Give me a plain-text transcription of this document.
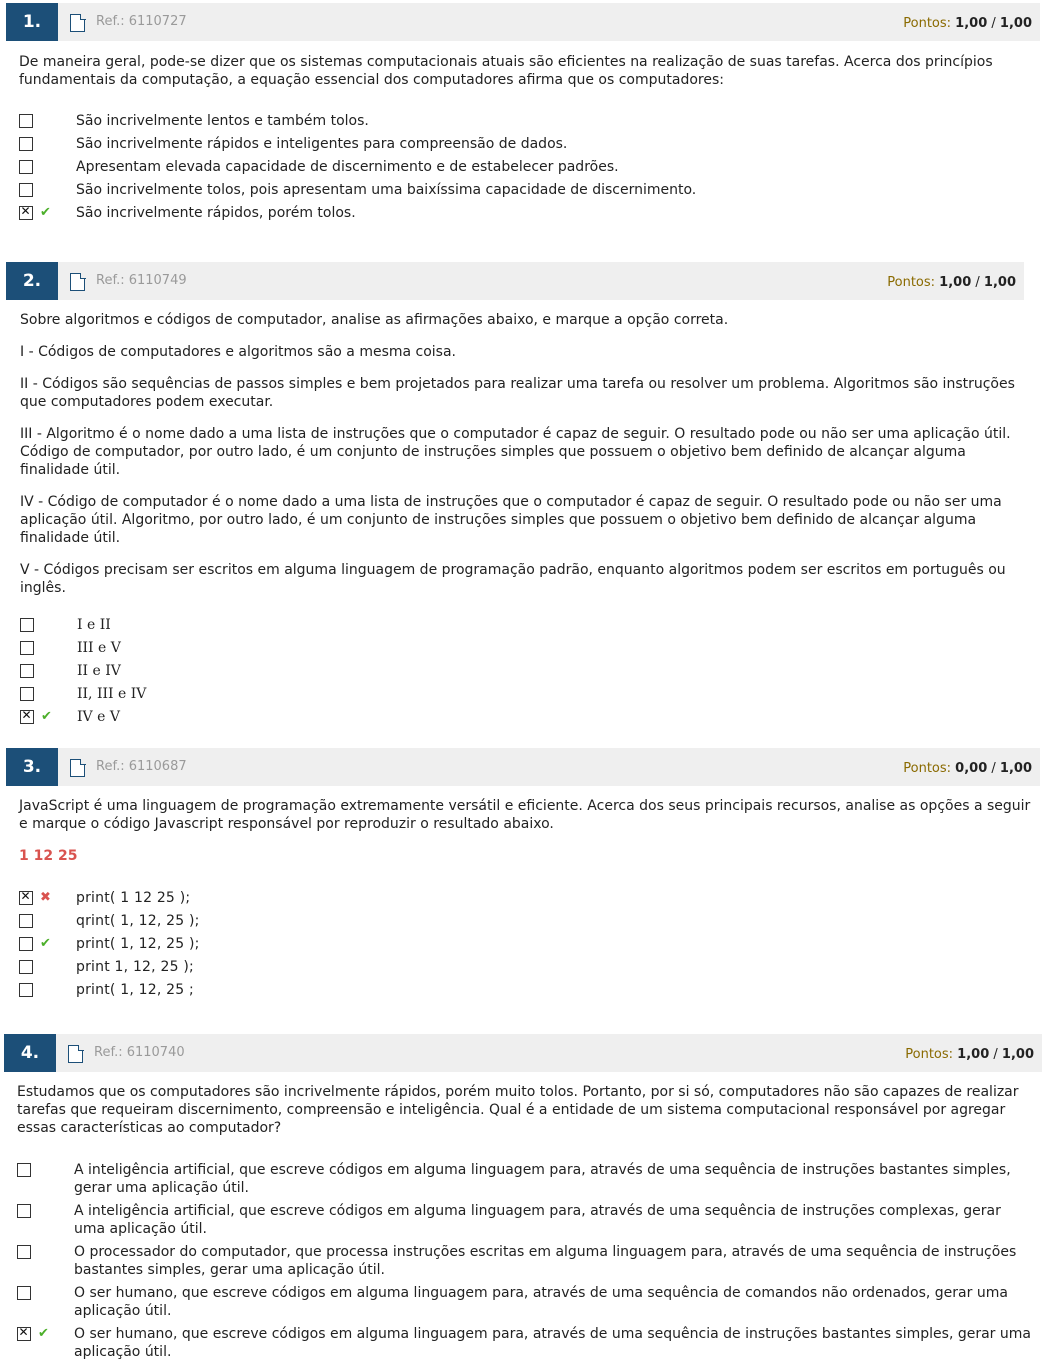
1.	Ref.: 6110727	Pontos: 1,00 / 1,00

De maneira geral, pode-se dizer que os sistemas computacionais atuais são eficientes na realização de suas tarefas. Acerca dos princípios fundamentais da computação, a equação essencial dos computadores afirma que os computadores:

São incrivelmente lentos e também tolos.
São incrivelmente rápidos e inteligentes para compreensão de dados.
Apresentam elevada capacidade de discernimento e de estabelecer padrões.
São incrivelmente tolos, pois apresentam uma baixíssima capacidade de discernimento.
✕
✔ São incrivelmente rápidos, porém tolos.
2.	Ref.: 6110749	Pontos: 1,00 / 1,00

Sobre algoritmos e códigos de computador, analise as afirmações abaixo, e marque a opção correta.

I - Códigos de computadores e algoritmos são a mesma coisa.

II - Códigos são sequências de passos simples e bem projetados para realizar uma tarefa ou resolver um problema. Algoritmos são instruções que computadores podem executar.

III - Algoritmo é o nome dado a uma lista de instruções que o computador é capaz de seguir. O resultado pode ou não ser uma aplicação útil. Código de computador, por outro lado, é um conjunto de instruções simples que possuem o objetivo bem definido de alcançar alguma finalidade útil.

IV - Código de computador é o nome dado a uma lista de instruções que o computador é capaz de seguir. O resultado pode ou não ser uma aplicação útil. Algoritmo, por outro lado, é um conjunto de instruções simples que possuem o objetivo bem definido de alcançar alguma finalidade útil.

V - Códigos precisam ser escritos em alguma linguagem de programação padrão, enquanto algoritmos podem ser escritos em português ou inglês.

I e II
III e V
II e IV
II, III e IV
✕
✔ IV e V
3.	Ref.: 6110687	Pontos: 0,00 / 1,00

JavaScript é uma linguagem de programação extremamente versátil e eficiente. Acerca dos seus principais recursos, analise as opções a seguir e marque o código Javascript responsável por reproduzir o resultado abaixo.

1 12 25

✕
✖ print( 1 12 25 );
qrint( 1, 12, 25 );
✔ print( 1, 12, 25 );
print 1, 12, 25 );
print( 1, 12, 25 ;
4.	Ref.: 6110740	Pontos: 1,00 / 1,00

Estudamos que os computadores são incrivelmente rápidos, porém muito tolos. Portanto, por si só, computadores não são capazes de realizar tarefas que requeiram discernimento, compreensão e inteligência. Qual é a entidade de um sistema computacional responsável por agregar essas características ao computador?

A inteligência artificial, que escreve códigos em alguma linguagem para, através de uma sequência de instruções bastantes simples, gerar uma aplicação útil.
A inteligência artificial, que escreve códigos em alguma linguagem para, através de uma sequência de instruções complexas, gerar uma aplicação útil.
O processador do computador, que processa instruções escritas em alguma linguagem para, através de uma sequência de instruções bastantes simples, gerar uma aplicação útil.
O ser humano, que escreve códigos em alguma linguagem para, através de uma sequência de comandos não ordenados, gerar uma aplicação útil.
✕
✔ O ser humano, que escreve códigos em alguma linguagem para, através de uma sequência de instruções bastantes simples, gerar uma aplicação útil.
